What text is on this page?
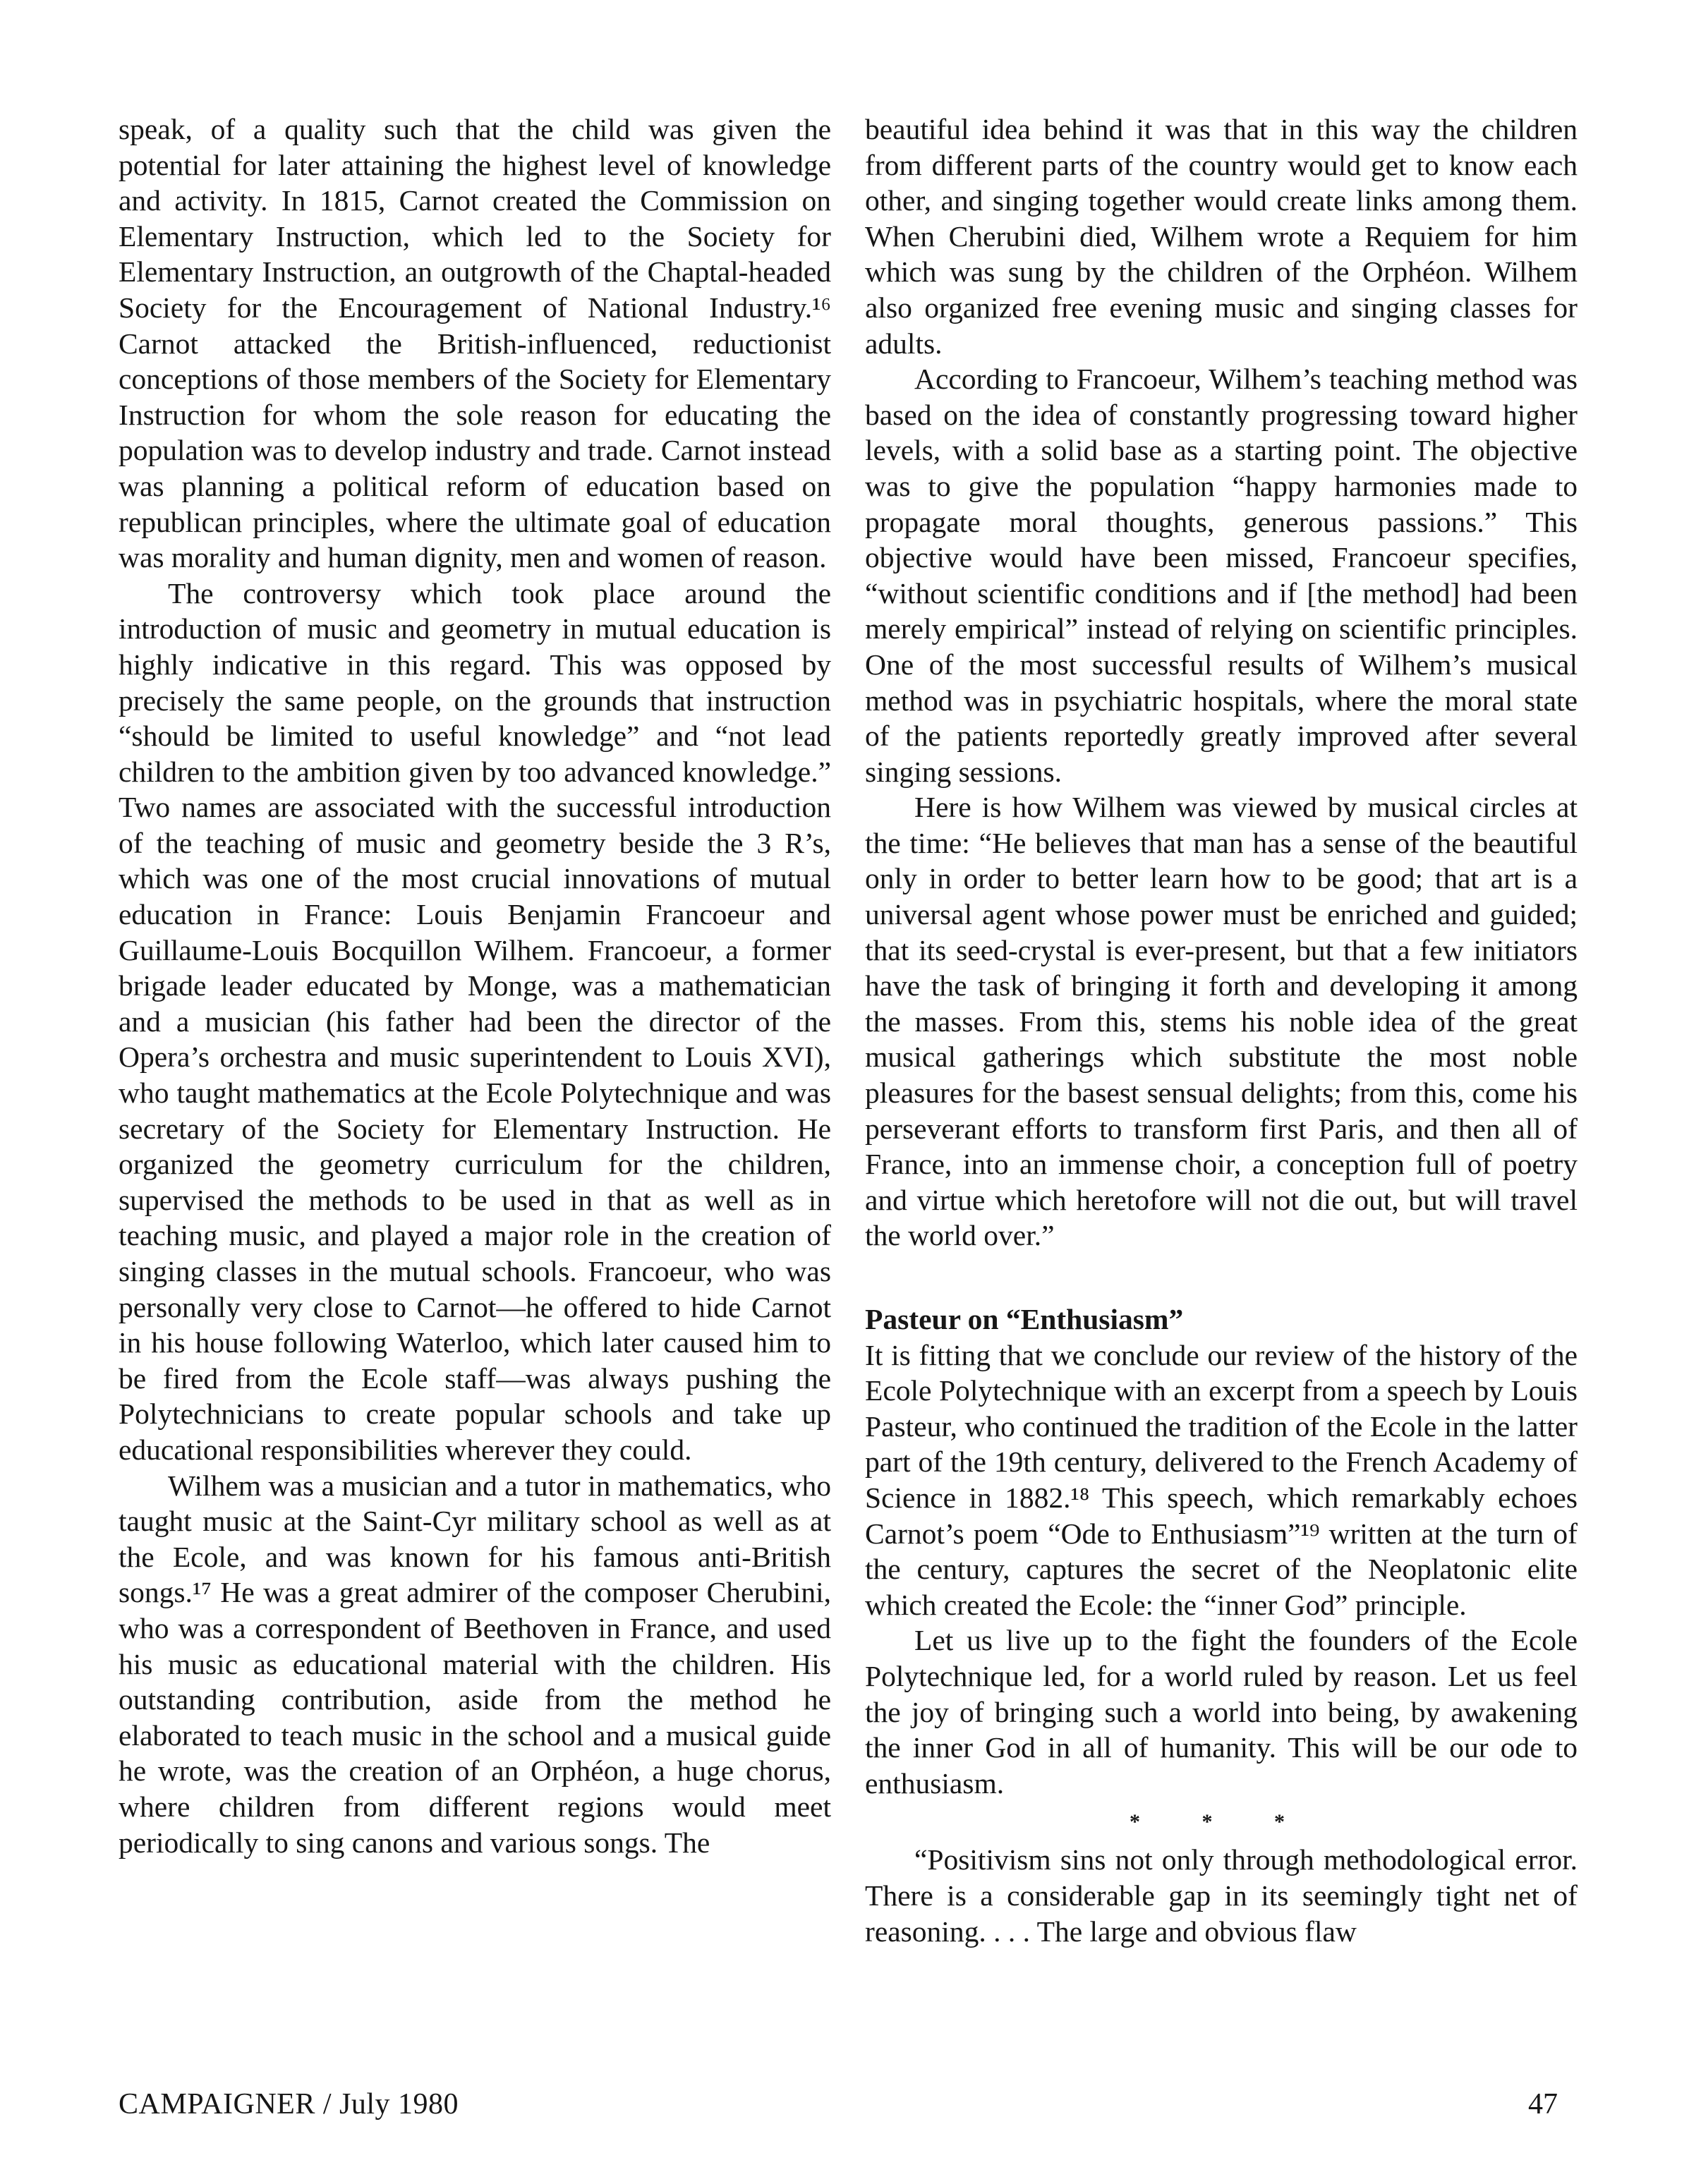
speak, of a quality such that the child was given the potential for later attaining the highest level of knowledge and activity. In 1815, Carnot created the Commission on Elementary Instruction, which led to the Society for Elementary Instruction, an outgrowth of the Chaptal-headed Society for the Encouragement of National Industry.¹⁶ Carnot attacked the British-influenced, reductionist conceptions of those members of the Society for Elementary Instruction for whom the sole reason for educating the population was to develop industry and trade. Carnot instead was planning a political reform of education based on republican principles, where the ultimate goal of education was morality and human dignity, men and women of reason.

The controversy which took place around the introduction of music and geometry in mutual education is highly indicative in this regard. This was opposed by precisely the same people, on the grounds that instruction “should be limited to useful knowledge” and “not lead children to the ambition given by too advanced knowledge.” Two names are associated with the successful introduction of the teaching of music and geometry beside the 3 R’s, which was one of the most crucial innovations of mutual education in France: Louis Benjamin Francoeur and Guillaume-Louis Bocquillon Wilhem. Francoeur, a former brigade leader educated by Monge, was a mathematician and a musician (his father had been the director of the Opera’s orchestra and music superintendent to Louis XVI), who taught mathematics at the Ecole Polytechnique and was secretary of the Society for Elementary Instruction. He organized the geometry curriculum for the children, supervised the methods to be used in that as well as in teaching music, and played a major role in the creation of singing classes in the mutual schools. Francoeur, who was personally very close to Carnot—he offered to hide Carnot in his house following Waterloo, which later caused him to be fired from the Ecole staff—was always pushing the Polytechnicians to create popular schools and take up educational responsibilities wherever they could.

Wilhem was a musician and a tutor in mathematics, who taught music at the Saint-Cyr military school as well as at the Ecole, and was known for his famous anti-British songs.¹⁷ He was a great admirer of the composer Cherubini, who was a correspondent of Beethoven in France, and used his music as educational material with the children. His outstanding contribution, aside from the method he elaborated to teach music in the school and a musical guide he wrote, was the creation of an Orphéon, a huge chorus, where children from different regions would meet periodically to sing canons and various songs. The

beautiful idea behind it was that in this way the children from different parts of the country would get to know each other, and singing together would create links among them. When Cherubini died, Wilhem wrote a Requiem for him which was sung by the children of the Orphéon. Wilhem also organized free evening music and singing classes for adults.

According to Francoeur, Wilhem’s teaching method was based on the idea of constantly progressing toward higher levels, with a solid base as a starting point. The objective was to give the population “happy harmonies made to propagate moral thoughts, generous passions.” This objective would have been missed, Francoeur specifies, “without scientific conditions and if [the method] had been merely empirical” instead of relying on scientific principles. One of the most successful results of Wilhem’s musical method was in psychiatric hospitals, where the moral state of the patients reportedly greatly improved after several singing sessions.

Here is how Wilhem was viewed by musical circles at the time: “He believes that man has a sense of the beautiful only in order to better learn how to be good; that art is a universal agent whose power must be enriched and guided; that its seed-crystal is ever-present, but that a few initiators have the task of bringing it forth and developing it among the masses. From this, stems his noble idea of the great musical gatherings which substitute the most noble pleasures for the basest sensual delights; from this, come his perseverant efforts to transform first Paris, and then all of France, into an immense choir, a conception full of poetry and virtue which heretofore will not die out, but will travel the world over.”

Pasteur on “Enthusiasm”

It is fitting that we conclude our review of the history of the Ecole Polytechnique with an excerpt from a speech by Louis Pasteur, who continued the tradition of the Ecole in the latter part of the 19th century, delivered to the French Academy of Science in 1882.¹⁸ This speech, which remarkably echoes Carnot’s poem “Ode to Enthusiasm”¹⁹ written at the turn of the century, captures the secret of the Neoplatonic elite which created the Ecole: the “inner God” principle.

Let us live up to the fight the founders of the Ecole Polytechnique led, for a world ruled by reason. Let us feel the joy of bringing such a world into being, by awakening the inner God in all of humanity. This will be our ode to enthusiasm.

* * *

“Positivism sins not only through methodological error. There is a considerable gap in its seemingly tight net of reasoning. . . . The large and obvious flaw

CAMPAIGNER / July 1980	47
